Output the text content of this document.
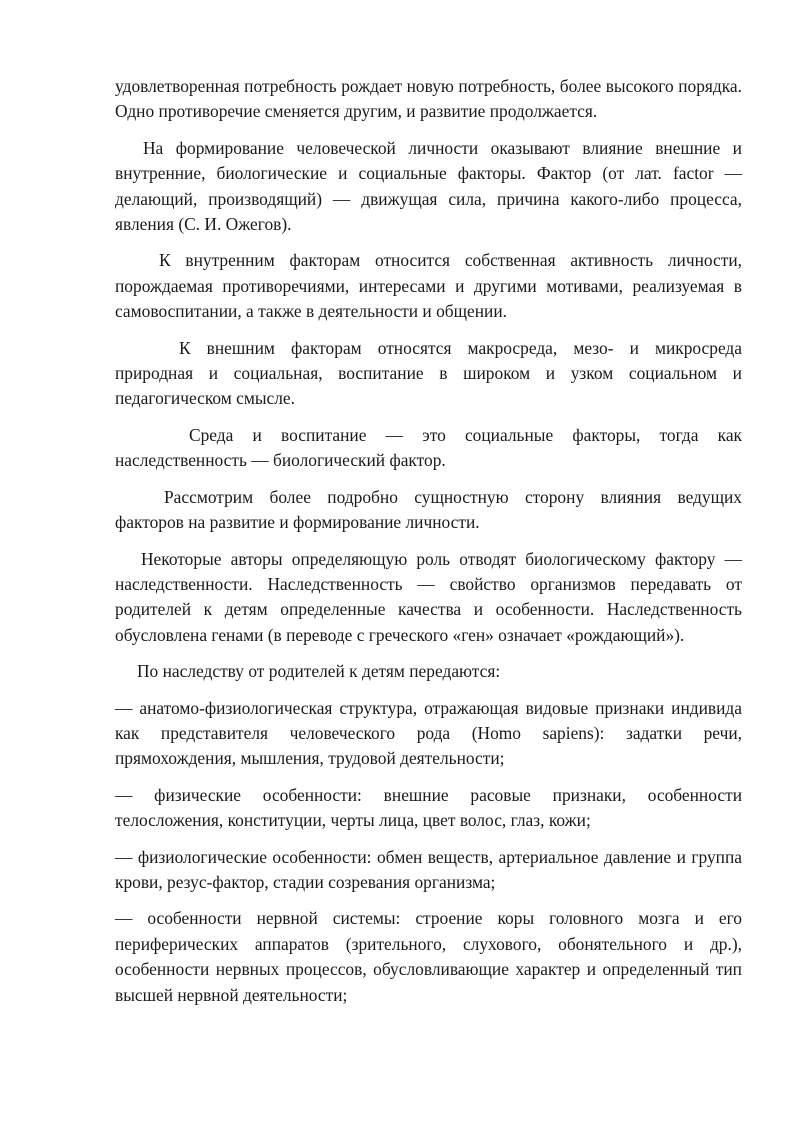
удовлетворенная потребность рождает новую потребность, более высокого порядка. Одно противоречие сменяется другим, и развитие продолжается.

На формирование человеческой личности оказывают влияние внешние и внутренние, биологические и социальные факторы. Фактор (от лат. factor — делающий, производящий) — движущая сила, причина какого-либо процесса, явления (С. И. Ожегов).

К внутренним факторам относится собственная активность личности, порождаемая противоречиями, интересами и другими мотивами, реализуемая в самовоспитании, а также в деятельности и общении.

К внешним факторам относятся макросреда, мезо- и микросреда природная и социальная, воспитание в широком и узком социальном и педагогическом смысле.

Среда и воспитание — это социальные факторы, тогда как наследственность — биологический фактор.

Рассмотрим более подробно сущностную сторону влияния ведущих факторов на развитие и формирование личности.

Некоторые авторы определяющую роль отводят биологическому фактору — наследственности. Наследственность — свойство организмов передавать от родителей к детям определенные качества и особенности. Наследственность обусловлена генами (в переводе с греческого «ген» означает «рождающий»).

По наследству от родителей к детям передаются:

— анатомо-физиологическая структура, отражающая видовые признаки индивида как представителя человеческого рода (Homo sapiens): задатки речи, прямохождения, мышления, трудовой деятельности;

— физические особенности: внешние расовые признаки, особенности телосложения, конституции, черты лица, цвет волос, глаз, кожи;

— физиологические особенности: обмен веществ, артериальное давление и группа крови, резус-фактор, стадии созревания организма;

— особенности нервной системы: строение коры головного мозга и его периферических аппаратов (зрительного, слухового, обонятельного и др.), особенности нервных процессов, обусловливающие характер и определенный тип высшей нервной деятельности;
